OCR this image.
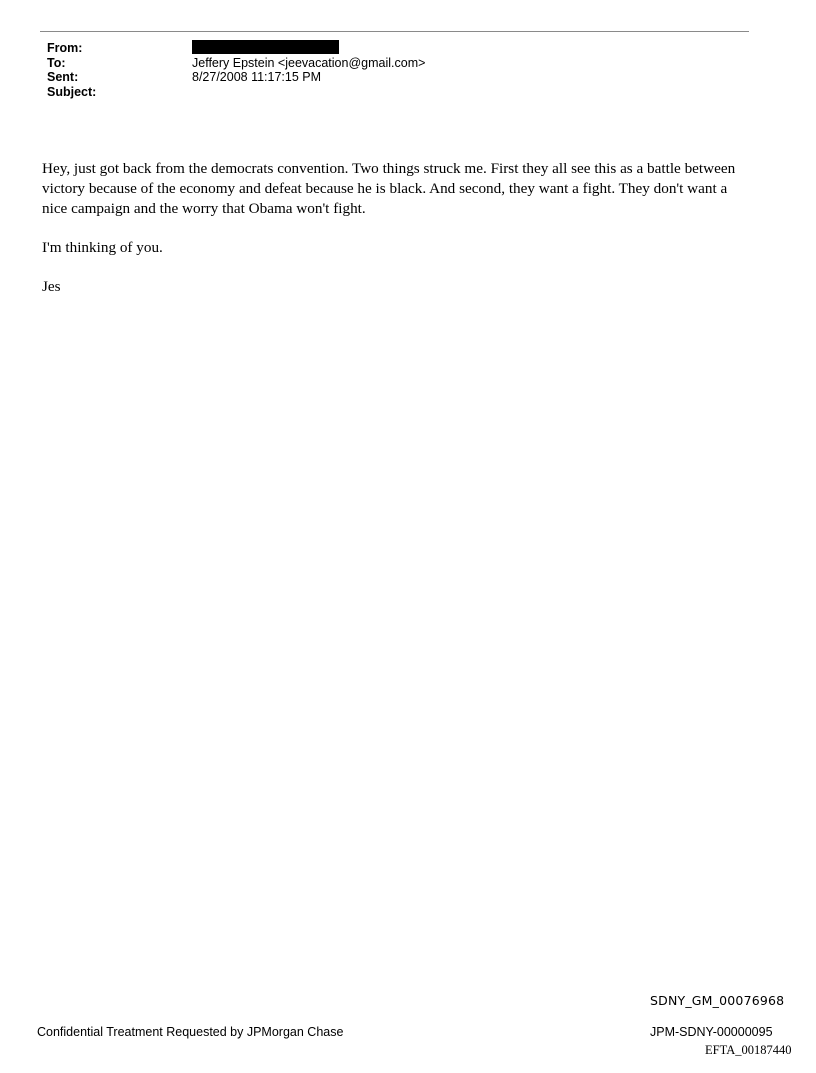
From:
To:	Jeffery Epstein <jeevacation@gmail.com>
Sent:	8/27/2008 11:17:15 PM
Subject:

Hey, just got back from the democrats convention. Two things struck me. First they all see this as a battle between victory because of the economy and defeat because he is black. And second, they want a fight. They don't want a nice campaign and the worry that Obama won't fight.

I'm thinking of you.

Jes

SDNY_GM_00076968
Confidential Treatment Requested by JPMorgan Chase	JPM-SDNY-00000095
EFTA_00187440
